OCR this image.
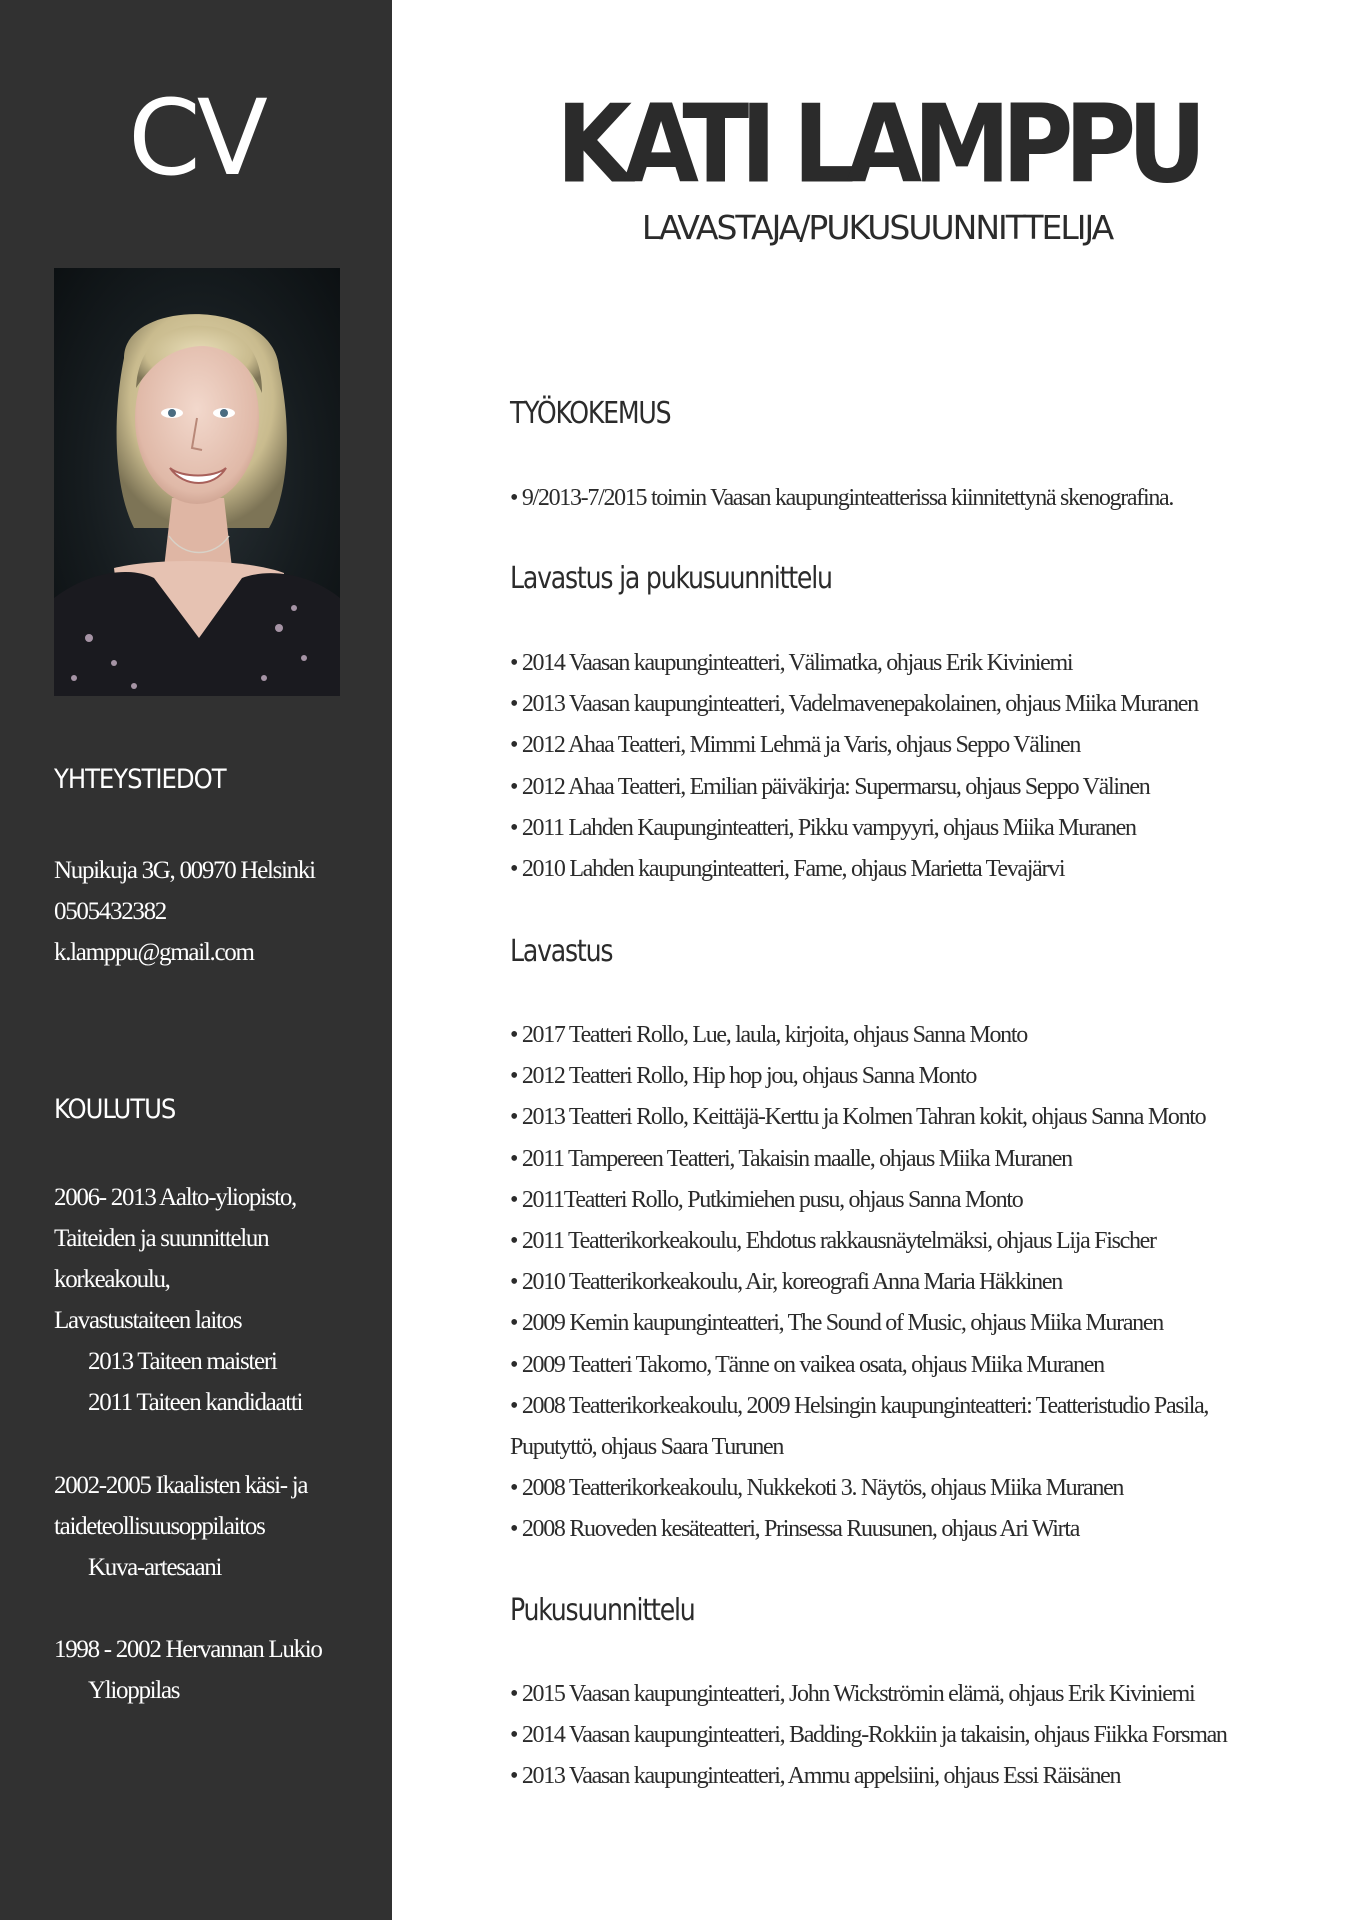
CV
YHTEYSTIEDOT
Nupikuja 3G, 00970 Helsinki
0505432382
k.lamppu@gmail.com
KOULUTUS
2006- 2013 Aalto-yliopisto,
Taiteiden ja suunnittelun
korkeakoulu,
Lavastustaiteen laitos
2013 Taiteen maisteri
2011 Taiteen kandidaatti
2002-2005 Ikaalisten käsi- ja
taideteollisuusoppilaitos
Kuva-artesaani
1998 - 2002 Hervannan Lukio
Ylioppilas
KATI LAMPPU
LAVASTAJA/PUKUSUUNNITTELIJA
TYÖKOKEMUS
• 9/2013-7/2015 toimin Vaasan kaupunginteatterissa kiinnitettynä skenografina.
Lavastus ja pukusuunnittelu
• 2014 Vaasan kaupunginteatteri, Välimatka, ohjaus Erik Kiviniemi
• 2013 Vaasan kaupunginteatteri, Vadelmavenepakolainen, ohjaus Miika Muranen
• 2012 Ahaa Teatteri, Mimmi Lehmä ja Varis, ohjaus Seppo Välinen
• 2012 Ahaa Teatteri, Emilian päiväkirja: Supermarsu, ohjaus Seppo Välinen
• 2011 Lahden Kaupunginteatteri, Pikku vampyyri, ohjaus Miika Muranen
• 2010 Lahden kaupunginteatteri, Fame, ohjaus Marietta Tevajärvi
Lavastus
• 2017 Teatteri Rollo, Lue, laula, kirjoita, ohjaus Sanna Monto
• 2012 Teatteri Rollo, Hip hop jou, ohjaus Sanna Monto
• 2013 Teatteri Rollo, Keittäjä-Kerttu ja Kolmen Tahran kokit, ohjaus Sanna Monto
• 2011 Tampereen Teatteri, Takaisin maalle, ohjaus Miika Muranen
• 2011Teatteri Rollo, Putkimiehen pusu, ohjaus Sanna Monto
• 2011 Teatterikorkeakoulu, Ehdotus rakkausnäytelmäksi, ohjaus Lija Fischer
• 2010 Teatterikorkeakoulu, Air, koreografi Anna Maria Häkkinen
• 2009 Kemin kaupunginteatteri, The Sound of Music, ohjaus Miika Muranen
• 2009 Teatteri Takomo, Tänne on vaikea osata, ohjaus Miika Muranen
• 2008 Teatterikorkeakoulu, 2009 Helsingin kaupunginteatteri: Teatteristudio Pasila, Puputyttö, ohjaus Saara Turunen
• 2008 Teatterikorkeakoulu, Nukkekoti 3. Näytös, ohjaus Miika Muranen
• 2008 Ruoveden kesäteatteri, Prinsessa Ruusunen, ohjaus Ari Wirta
Pukusuunnittelu
• 2015 Vaasan kaupunginteatteri, John Wickströmin elämä, ohjaus Erik Kiviniemi
• 2014 Vaasan kaupunginteatteri, Badding-Rokkiin ja takaisin, ohjaus Fiikka Forsman
• 2013 Vaasan kaupunginteatteri, Ammu appelsiini, ohjaus Essi Räisänen
